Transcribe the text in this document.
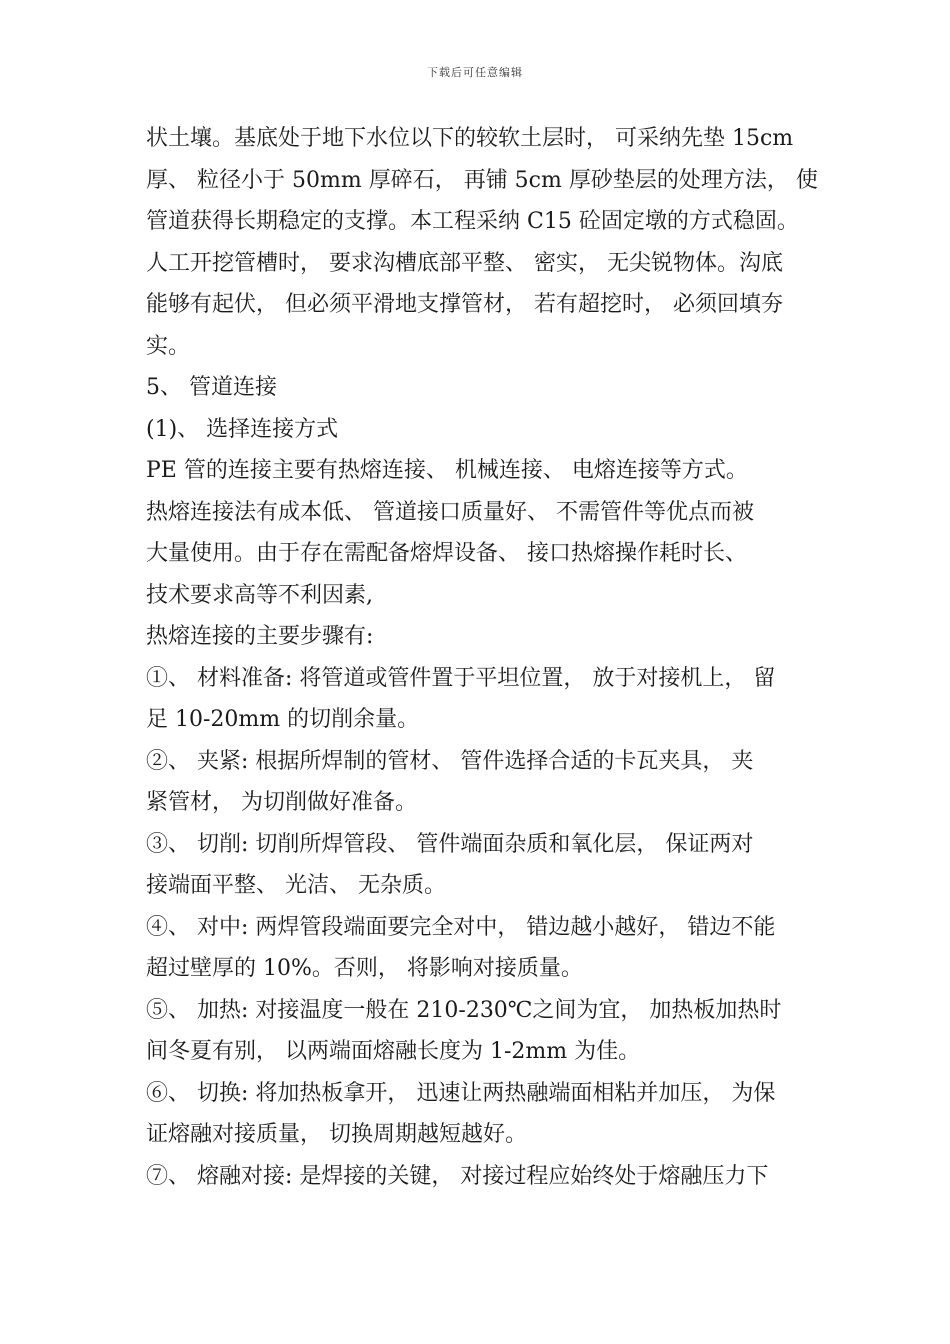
下载后可任意编辑
状土壤。基底处于地下水位以下的较软土层时， 可采纳先垫 15cm
厚、 粒径小于 50mm 厚碎石， 再铺 5cm 厚砂垫层的处理方法， 使
管道获得长期稳定的支撑。本工程采纳 C15 砼固定墩的方式稳固。
人工开挖管槽时， 要求沟槽底部平整、 密实， 无尖锐物体。沟底
能够有起伏， 但必须平滑地支撑管材， 若有超挖时， 必须回填夯
实。
5、 管道连接
(1)、 选择连接方式
PE 管的连接主要有热熔连接、 机械连接、 电熔连接等方式。
热熔连接法有成本低、 管道接口质量好、 不需管件等优点而被
大量使用。由于存在需配备熔焊设备、 接口热熔操作耗时长、
技术要求高等不利因素,
热熔连接的主要步骤有:
①、 材料准备: 将管道或管件置于平坦位置， 放于对接机上， 留
足 10-20mm 的切削余量。
②、 夹紧: 根据所焊制的管材、 管件选择合适的卡瓦夹具， 夹
紧管材， 为切削做好准备。
③、 切削: 切削所焊管段、 管件端面杂质和氧化层， 保证两对
接端面平整、 光洁、 无杂质。
④、 对中: 两焊管段端面要完全对中， 错边越小越好， 错边不能
超过壁厚的 10%。否则， 将影响对接质量。
⑤、 加热: 对接温度一般在 210-230℃之间为宜， 加热板加热时
间冬夏有别， 以两端面熔融长度为 1-2mm 为佳。
⑥、 切换: 将加热板拿开， 迅速让两热融端面相粘并加压， 为保
证熔融对接质量， 切换周期越短越好。
⑦、 熔融对接: 是焊接的关键， 对接过程应始终处于熔融压力下
